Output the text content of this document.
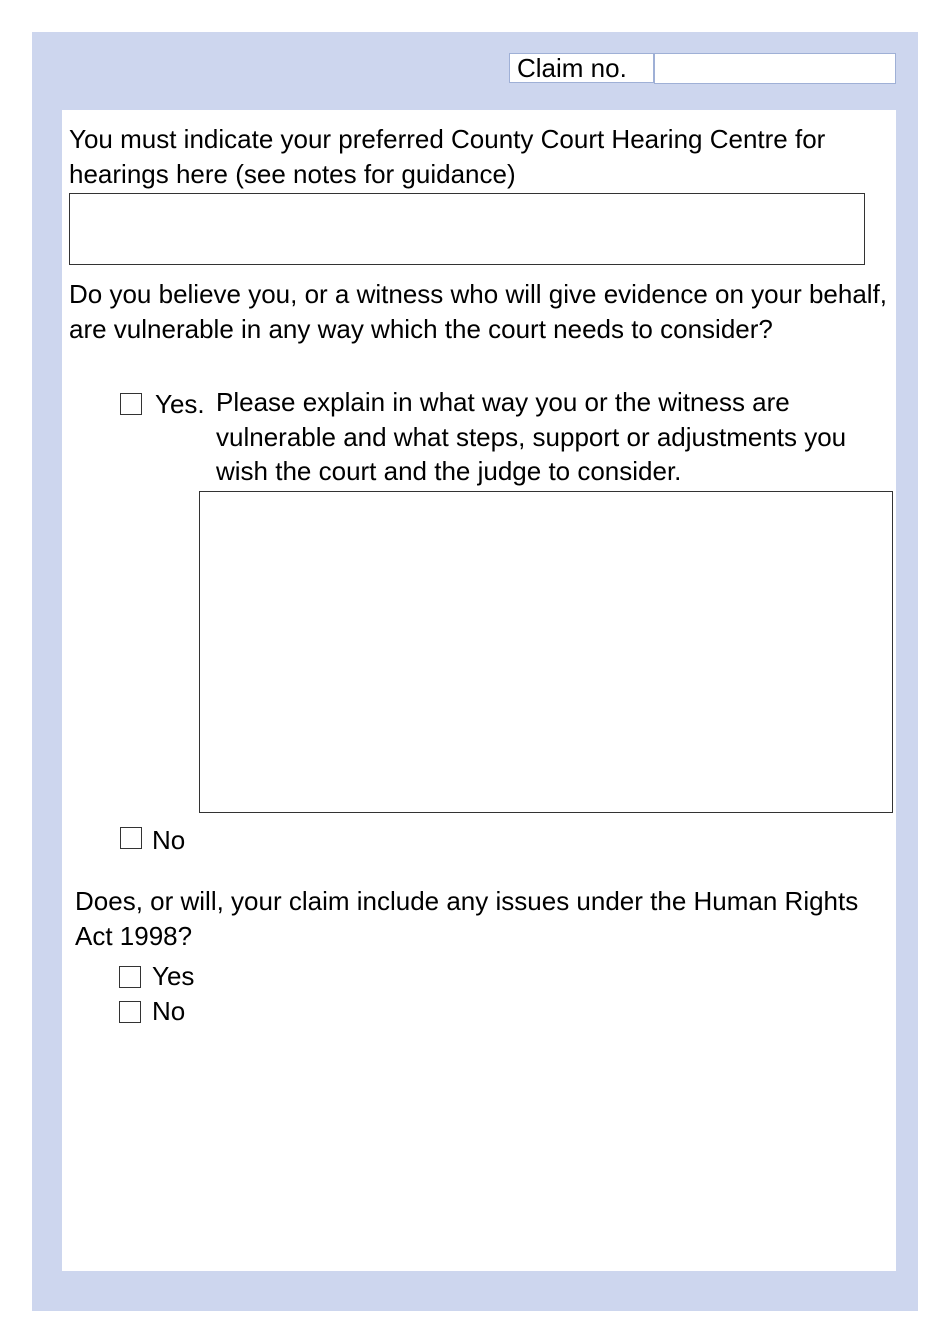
Claim no.

You must indicate your preferred County Court Hearing Centre for hearings here (see notes for guidance)

Do you believe you, or a witness who will give evidence on your behalf, are vulnerable in any way which the court needs to consider?

Yes. Please explain in what way you or the witness are vulnerable and what steps, support or adjustments you wish the court and the judge to consider.

No

Does, or will, your claim include any issues under the Human Rights Act 1998?

Yes
No
